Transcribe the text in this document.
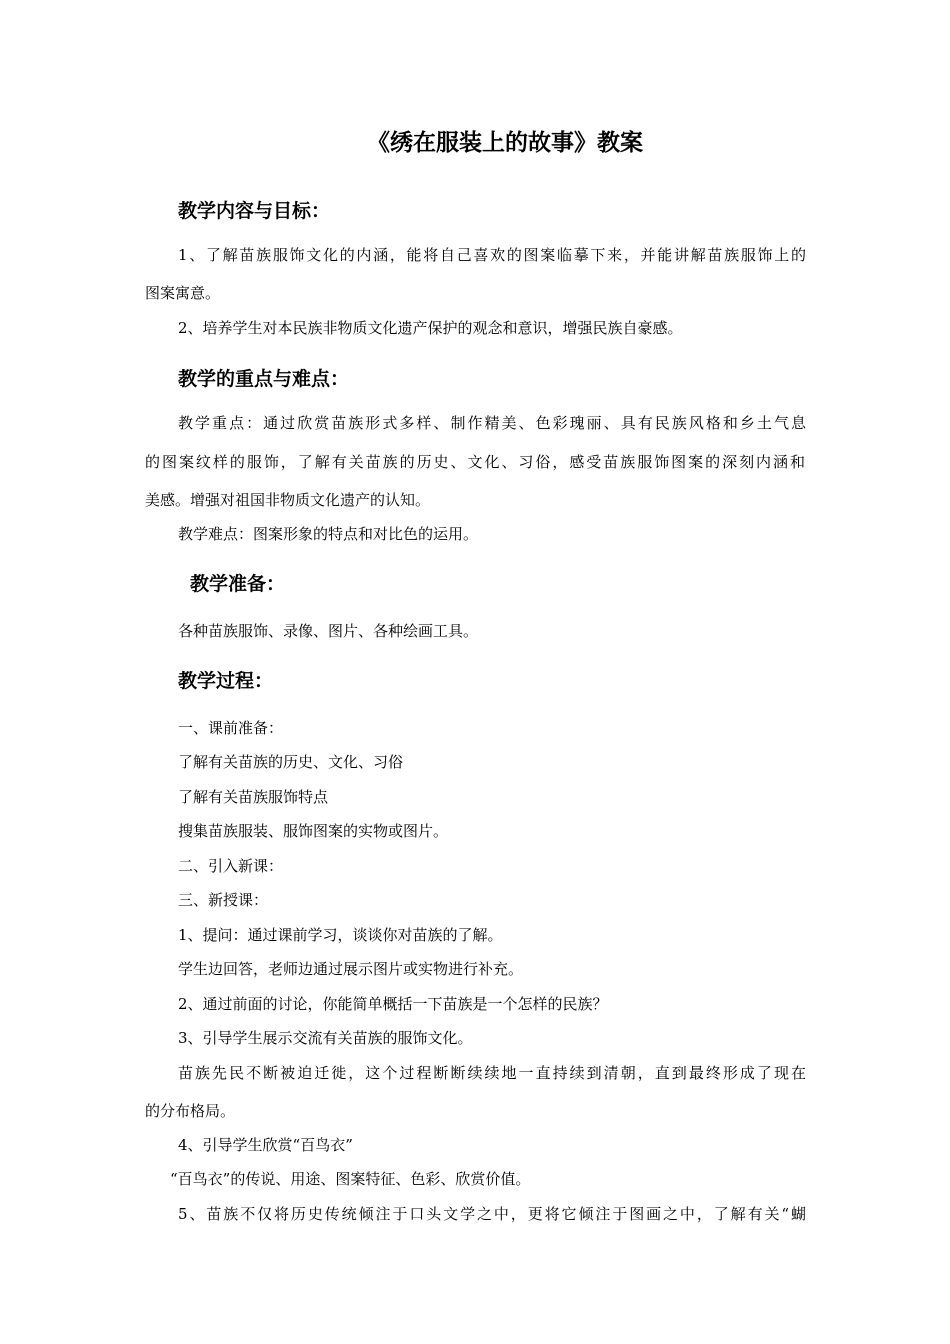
《绣在服装上的故事》教案
教学内容与目标：
1、了解苗族服饰文化的内涵，能将自己喜欢的图案临摹下来，并能讲解苗族服饰上的
图案寓意。
2、培养学生对本民族非物质文化遗产保护的观念和意识，增强民族自豪感。
教学的重点与难点：
教学重点：通过欣赏苗族形式多样、制作精美、色彩瑰丽、具有民族风格和乡土气息
的图案纹样的服饰，了解有关苗族的历史、文化、习俗，感受苗族服饰图案的深刻内涵和
美感。增强对祖国非物质文化遗产的认知。
教学难点：图案形象的特点和对比色的运用。
教学准备：
各种苗族服饰、录像、图片、各种绘画工具。
教学过程：
一、课前准备：
了解有关苗族的历史、文化、习俗
了解有关苗族服饰特点
搜集苗族服装、服饰图案的实物或图片。
二、引入新课：
三、新授课：
1、提问：通过课前学习，谈谈你对苗族的了解。
学生边回答，老师边通过展示图片或实物进行补充。
2、通过前面的讨论，你能简单概括一下苗族是一个怎样的民族？
3、引导学生展示交流有关苗族的服饰文化。
苗族先民不断被迫迁徙，这个过程断断续续地一直持续到清朝，直到最终形成了现在
的分布格局。
4、引导学生欣赏“百鸟衣”
“百鸟衣”的传说、用途、图案特征、色彩、欣赏价值。
5、苗族不仅将历史传统倾注于口头文学之中，更将它倾注于图画之中，了解有关“蝴
